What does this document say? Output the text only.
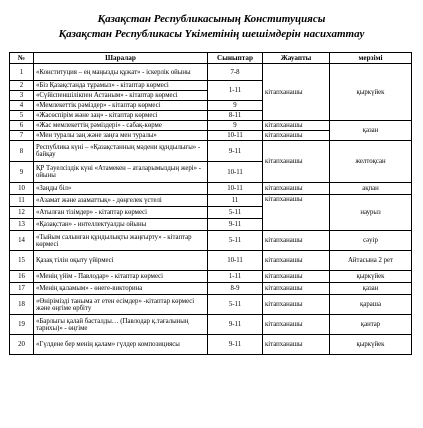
Қазақстан Республикасының Конституциясы
Қазақстан Республикасы Үкіметінің шешімдерін насихаттау
№	Шаралар	Сыныптар	Жауапты	мерзімі
1	«Конституция – ең маңызды құжат» - іскерлік ойыны	7-8	кітапханашы	қыркүйек
2	«Біз Қазақстанда тұрамыз» - кітаптар көрмесі	1-11		
3	«Сүйіспеншілікпен Астаным» - кітаптар көрмесі			
4	«Мемлекеттік рәміздер» - кітаптар көрмесі	9		
5	«Жасөспірім және заң» - кітаптар көрмесі	8-11		
6	«Жас мемлекеттің рәміздері» - сабақ-көрме	9	кітапханашы	қазан
7	«Мен туралы заң және заңға мен туралы»	10-11	кітапханашы	
8	Республика күні – «Қазақстанның мәдени құндылығы» - байқау	9-11	кітапханашы	желтоқсан
9	ҚР Тәуелсіздік күні «Атамекен – аталарымыздың жері» - ойыны	10-11		
10	«Заңды біл»	10-11	кітапханашы	ақпан
11	«Азамат және азаматтық» - дөңгелек үстелі	11	кітапханашы	наурыз
12	«Атылған тізімдер» - кітаптар көрмесі	5-11		
13	«Қазақстан» - интеллектуалды ойыны	9-11		
14	«Тыйым салынған құндылықты жаңғырту» - кітаптар көрмесі	5-11	кітапханашы	сәуір
15	Қазақ тілін оқыту үйірмесі	10-11	кітапханашы	Айтасына 2 рет
16	«Менің үйім - Павлодар» - кітаптар көрмесі	1-11	кітапханашы	қыркүйек
17	«Менің қаламым» - өнеге-викторина	8-9	кітапханашы	қазан
18	«Өнірімізді таныма әт етен есімдер» -кітаптар көрмесі және өңгіме өрбіту	5-11	кітапханашы	қараша
19	«Барлығы қалай басталды… (Павлодар қ.тағалының тарихы)» - өңгіме	9-11	кітапханашы	қантар
20	«Гүлдене бер менің қалам» гүлдер композициясы	9-11	кітапханашы	қыркүйек
